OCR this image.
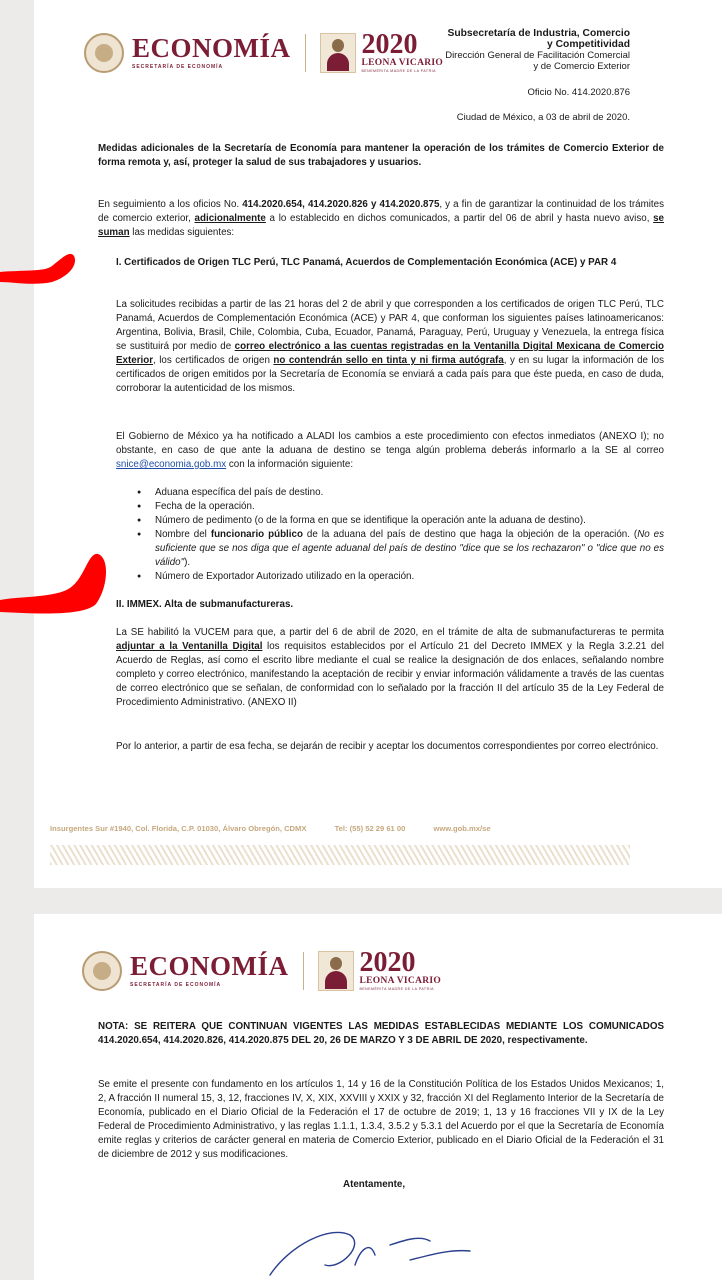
ECONOMÍA
SECRETARÍA DE ECONOMÍA
2020
LEONA VICARIO
BENEMÉRITA MADRE DE LA PATRIA
Subsecretaría de Industria, Comercio
y Competitividad
Dirección General de Facilitación Comercial
y de Comercio Exterior
Oficio No. 414.2020.876
Ciudad de México, a 03 de abril de 2020.
Medidas adicionales de la Secretaría de Economía para mantener la operación de los trámites de Comercio Exterior de forma remota y, así, proteger la salud de sus trabajadores y usuarios.
En seguimiento a los oficios No. 414.2020.654, 414.2020.826 y 414.2020.875, y a fin de garantizar la continuidad de los trámites de comercio exterior, adicionalmente a lo establecido en dichos comunicados, a partir del 06 de abril y hasta nuevo aviso, se suman las medidas siguientes:
I. Certificados de Origen TLC Perú, TLC Panamá, Acuerdos de Complementación Económica (ACE) y PAR 4
La solicitudes recibidas a partir de las 21 horas del 2 de abril y que corresponden a los certificados de origen TLC Perú, TLC Panamá, Acuerdos de Complementación Económica (ACE) y PAR 4, que conforman los siguientes países latinoamericanos: Argentina, Bolivia, Brasil, Chile, Colombia, Cuba, Ecuador, Panamá, Paraguay, Perú, Uruguay y Venezuela, la entrega física se sustituirá por medio de correo electrónico a las cuentas registradas en la Ventanilla Digital Mexicana de Comercio Exterior, los certificados de origen no contendrán sello en tinta y ni firma autógrafa, y en su lugar la información de los certificados de origen emitidos por la Secretaría de Economía se enviará a cada país para que éste pueda, en caso de duda, corroborar la autenticidad de los mismos.
El Gobierno de México ya ha notificado a ALADI los cambios a este procedimiento con efectos inmediatos (ANEXO I); no obstante, en caso de que ante la aduana de destino se tenga algún problema deberás informarlo a la SE al correo snice@economia.gob.mx con la información siguiente:
● Aduana específica del país de destino.
● Fecha de la operación.
● Número de pedimento (o de la forma en que se identifique la operación ante la aduana de destino).
● Nombre del funcionario público de la aduana del país de destino que haga la objeción de la operación. (No es suficiente que se nos diga que el agente aduanal del país de destino "dice que se los rechazaron" o "dice que no es válido").
● Número de Exportador Autorizado utilizado en la operación.
II. IMMEX. Alta de submanufactureras.
La SE habilitó la VUCEM para que, a partir del 6 de abril de 2020, en el trámite de alta de submanufactureras te permita adjuntar a la Ventanilla Digital los requisitos establecidos por el Artículo 21 del Decreto IMMEX y la Regla 3.2.21 del Acuerdo de Reglas, así como el escrito libre mediante el cual se realice la designación de dos enlaces, señalando nombre completo y correo electrónico, manifestando la aceptación de recibir y enviar información válidamente a través de las cuentas de correo electrónico que se señalan, de conformidad con lo señalado por la fracción II del artículo 35 de la Ley Federal de Procedimiento Administrativo. (ANEXO II)
Por lo anterior, a partir de esa fecha, se dejarán de recibir y aceptar los documentos correspondientes por correo electrónico.
Insurgentes Sur #1940, Col. Florida, C.P. 01030, Álvaro Obregón, CDMX	Tel: (55) 52 29 61 00	www.gob.mx/se
ECONOMÍA
SECRETARÍA DE ECONOMÍA
2020
LEONA VICARIO
BENEMÉRITA MADRE DE LA PATRIA
NOTA: SE REITERA QUE CONTINUAN VIGENTES LAS MEDIDAS ESTABLECIDAS MEDIANTE LOS COMUNICADOS 414.2020.654, 414.2020.826, 414.2020.875 DEL 20, 26 DE MARZO Y 3 DE ABRIL DE 2020, respectivamente.
Se emite el presente con fundamento en los artículos 1, 14 y 16 de la Constitución Política de los Estados Unidos Mexicanos; 1, 2, A fracción II numeral 15, 3, 12, fracciones IV, X, XIX, XXVIII y XXIX y 32, fracción XI del Reglamento Interior de la Secretaría de Economía, publicado en el Diario Oficial de la Federación el 17 de octubre de 2019; 1, 13 y 16 fracciones VII y IX de la Ley Federal de Procedimiento Administrativo, y las reglas 1.1.1, 1.3.4, 3.5.2 y 5.3.1 del Acuerdo por el que la Secretaría de Economía emite reglas y criterios de carácter general en materia de Comercio Exterior, publicado en el Diario Oficial de la Federación el 31 de diciembre de 2012 y sus modificaciones.
Atentamente,
